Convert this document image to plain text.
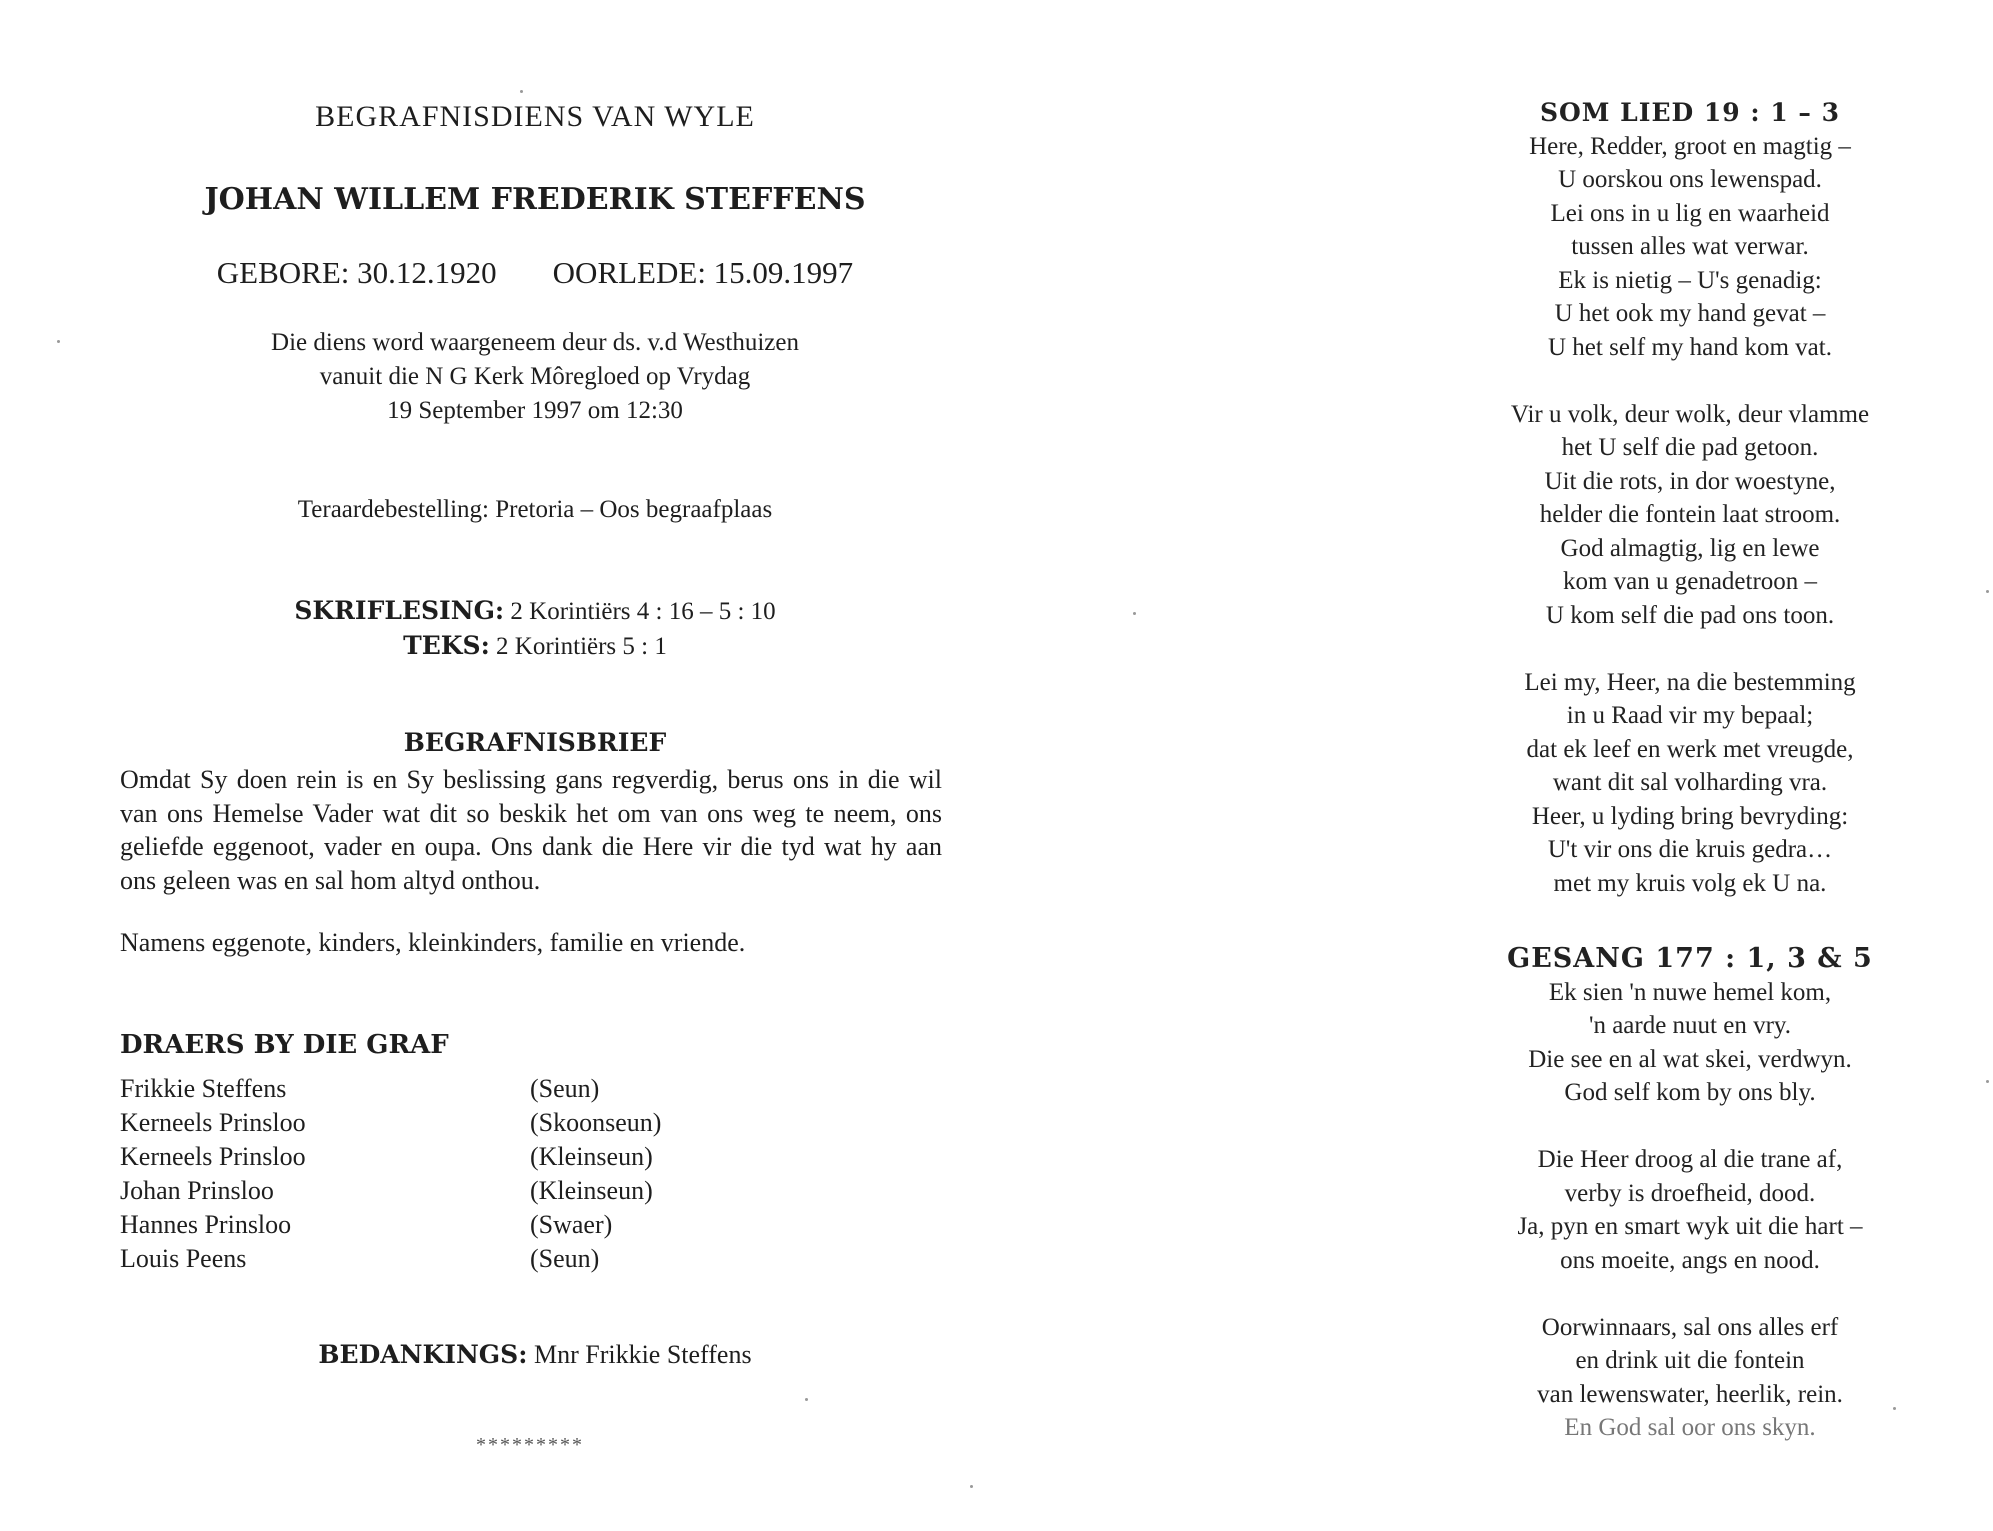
BEGRAFNISDIENS VAN WYLE
JOHAN WILLEM FREDERIK STEFFENS
GEBORE: 30.12.1920 OORLEDE: 15.09.1997
Die diens word waargeneem deur ds. v.d Westhuizen
vanuit die N G Kerk Môregloed op Vrydag
19 September 1997 om 12:30
Teraardebestelling: Pretoria – Oos begraafplaas
SKRIFLESING: 2 Korintiërs 4 : 16 – 5 : 10
TEKS: 2 Korintiërs 5 : 1
BEGRAFNISBRIEF

Omdat Sy doen rein is en Sy beslissing gans regverdig, berus ons in die wil van ons Hemelse Vader wat dit so beskik het om van ons weg te neem, ons geliefde eggenoot, vader en oupa. Ons dank die Here vir die tyd wat hy aan ons geleen was en sal hom altyd onthou.

Namens eggenote, kinders, kleinkinders, familie en vriende.
DRAERS BY DIE GRAF
Frikkie Steffens	(Seun)
Kerneels Prinsloo	(Skoonseun)
Kerneels Prinsloo	(Kleinseun)
Johan Prinsloo	(Kleinseun)
Hannes Prinsloo	(Swaer)
Louis Peens	(Seun)
BEDANKINGS: Mnr Frikkie Steffens
*********
SOM LIED 19 : 1 – 3
Here, Redder, groot en magtig –
U oorskou ons lewenspad.
Lei ons in u lig en waarheid
tussen alles wat verwar.
Ek is nietig – U's genadig:
U het ook my hand gevat –
U het self my hand kom vat.
Vir u volk, deur wolk, deur vlamme
het U self die pad getoon.
Uit die rots, in dor woestyne,
helder die fontein laat stroom.
God almagtig, lig en lewe
kom van u genadetroon –
U kom self die pad ons toon.
Lei my, Heer, na die bestemming
in u Raad vir my bepaal;
dat ek leef en werk met vreugde,
want dit sal volharding vra.
Heer, u lyding bring bevryding:
U't vir ons die kruis gedra…
met my kruis volg ek U na.
GESANG 177 : 1, 3 & 5
Ek sien 'n nuwe hemel kom,
'n aarde nuut en vry.
Die see en al wat skei, verdwyn.
God self kom by ons bly.
Die Heer droog al die trane af,
verby is droefheid, dood.
Ja, pyn en smart wyk uit die hart –
ons moeite, angs en nood.
Oorwinnaars, sal ons alles erf
en drink uit die fontein
van lewenswater, heerlik, rein.
En God sal oor ons skyn.
